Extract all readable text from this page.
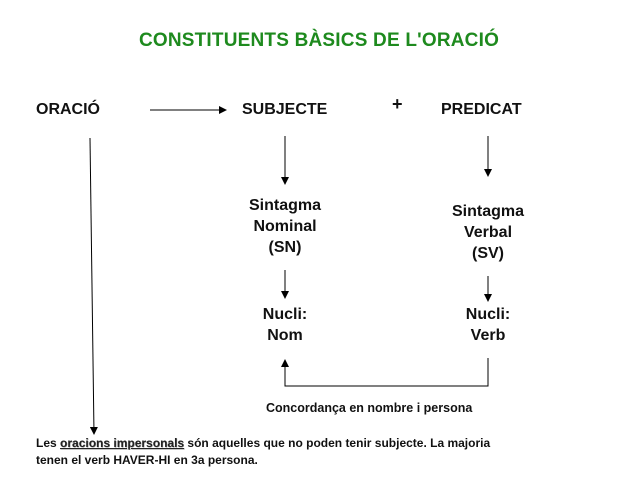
CONSTITUENTS BÀSICS DE L'ORACIÓ
ORACIÓ	SUBJECTE	+ PREDICAT
Sintagma
Nominal
(SN)
Sintagma
Verbal
(SV)
Nucli:
Nom
Nucli:
Verb
Concordança en nombre i persona
Les oracions impersonals són aquelles que no poden tenir subjecte. La majoria
tenen el verb HAVER-HI en 3a persona.
